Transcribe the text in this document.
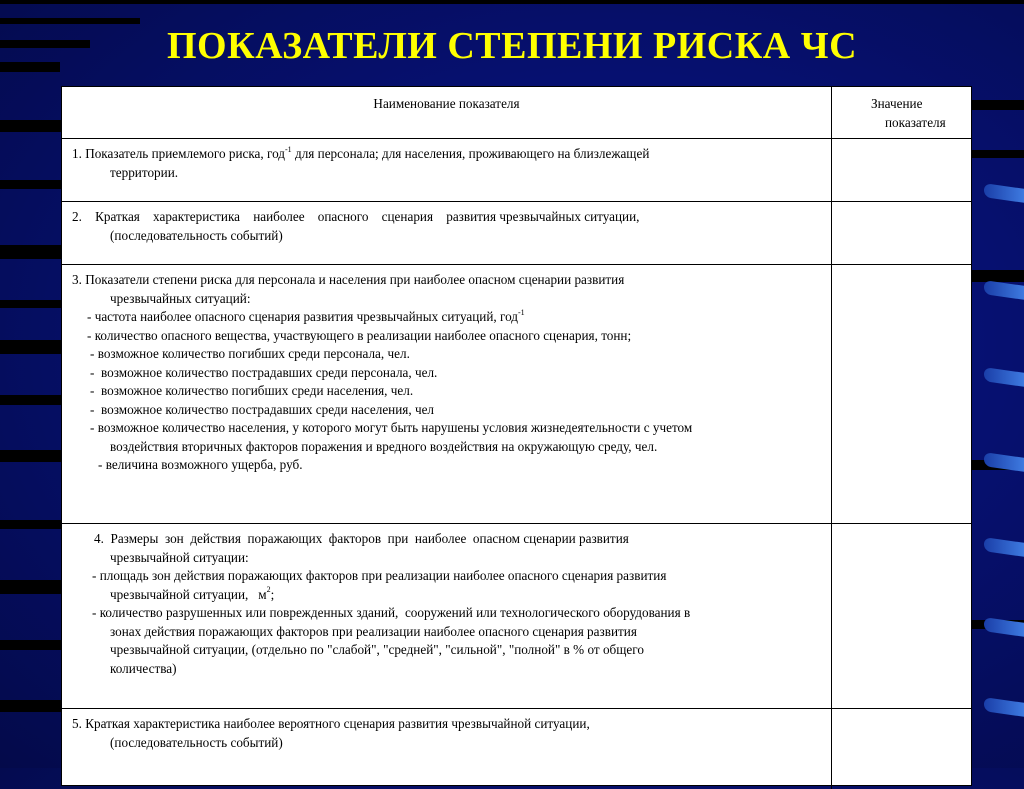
ПОКАЗАТЕЛИ СТЕПЕНИ РИСКА ЧС
Наименование показателя	Значение
показателя
1. Показатель приемлемого риска, год$^{-1}$ для персонала; для населения, проживающего на близлежащей
территории.
2.    Краткая    характеристика    наиболее    опасного    сценария    развития чрезвычайных ситуации,
(последовательность событий)
3. Показатели степени риска для персонала и населения при наиболее опасном сценарии развития
чрезвычайных ситуаций:
- частота наиболее опасного сценария развития чрезвычайных ситуаций, год$^{-1}$
- количество опасного вещества, участвующего в реализации наиболее опасного сценария, тонн;
- возможное количество погибших среди персонала, чел.
-  возможное количество пострадавших среди персонала, чел.
-  возможное количество погибших среди населения, чел.
-  возможное количество пострадавших среди населения, чел
- возможное количество населения, у которого могут быть нарушены условия жизнедеятельности с учетом
воздействия вторичных факторов поражения и вредного воздействия на окружающую среду, чел.
- величина возможного ущерба, руб.
4.  Размеры  зон  действия  поражающих  факторов  при  наиболее  опасном сценарии развития
чрезвычайной ситуации:
- площадь зон действия поражающих факторов при реализации наиболее опасного сценария развития
чрезвычайной ситуации,   $м^2$;
- количество разрушенных или поврежденных зданий,  сооружений или технологического оборудования в
зонах действия поражающих факторов при реализации наиболее опасного сценария развития
чрезвычайной ситуации, (отдельно по "слабой", "средней", "сильной", "полной" в % от общего
количества)
5. Краткая характеристика наиболее вероятного сценария развития чрезвычайной ситуации,
(последовательность событий)
